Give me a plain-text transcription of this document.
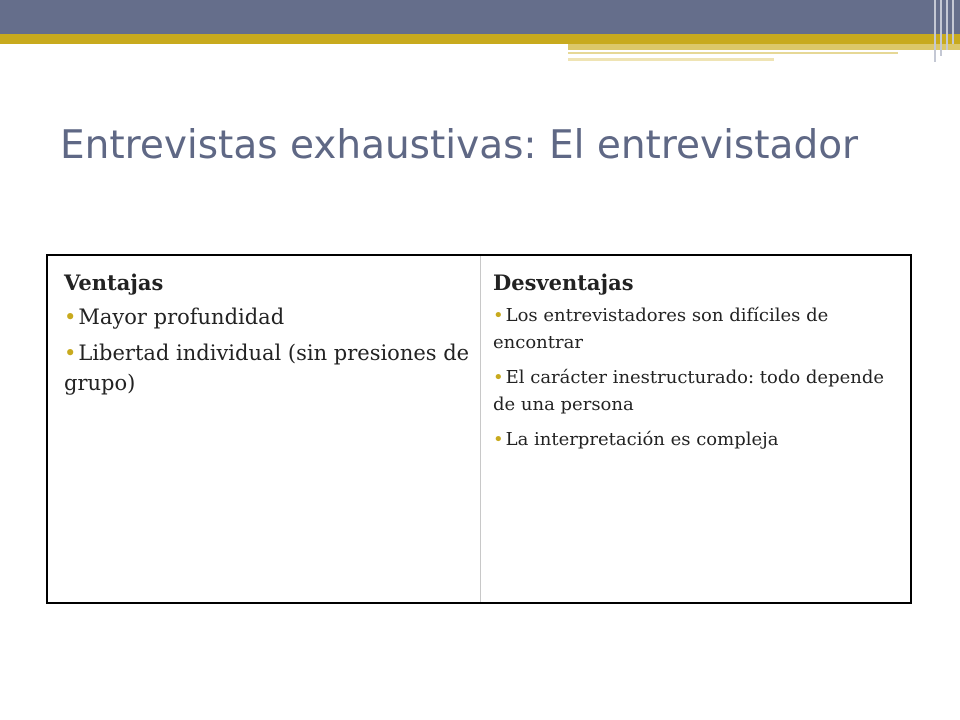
Entrevistas exhaustivas: El entrevistador
Ventajas
•Mayor profundidad
•Libertad individual (sin presiones de grupo)
Desventajas
• Los entrevistadores son difíciles de encontrar
• El carácter inestructurado: todo depende de una persona
• La interpretación es compleja
